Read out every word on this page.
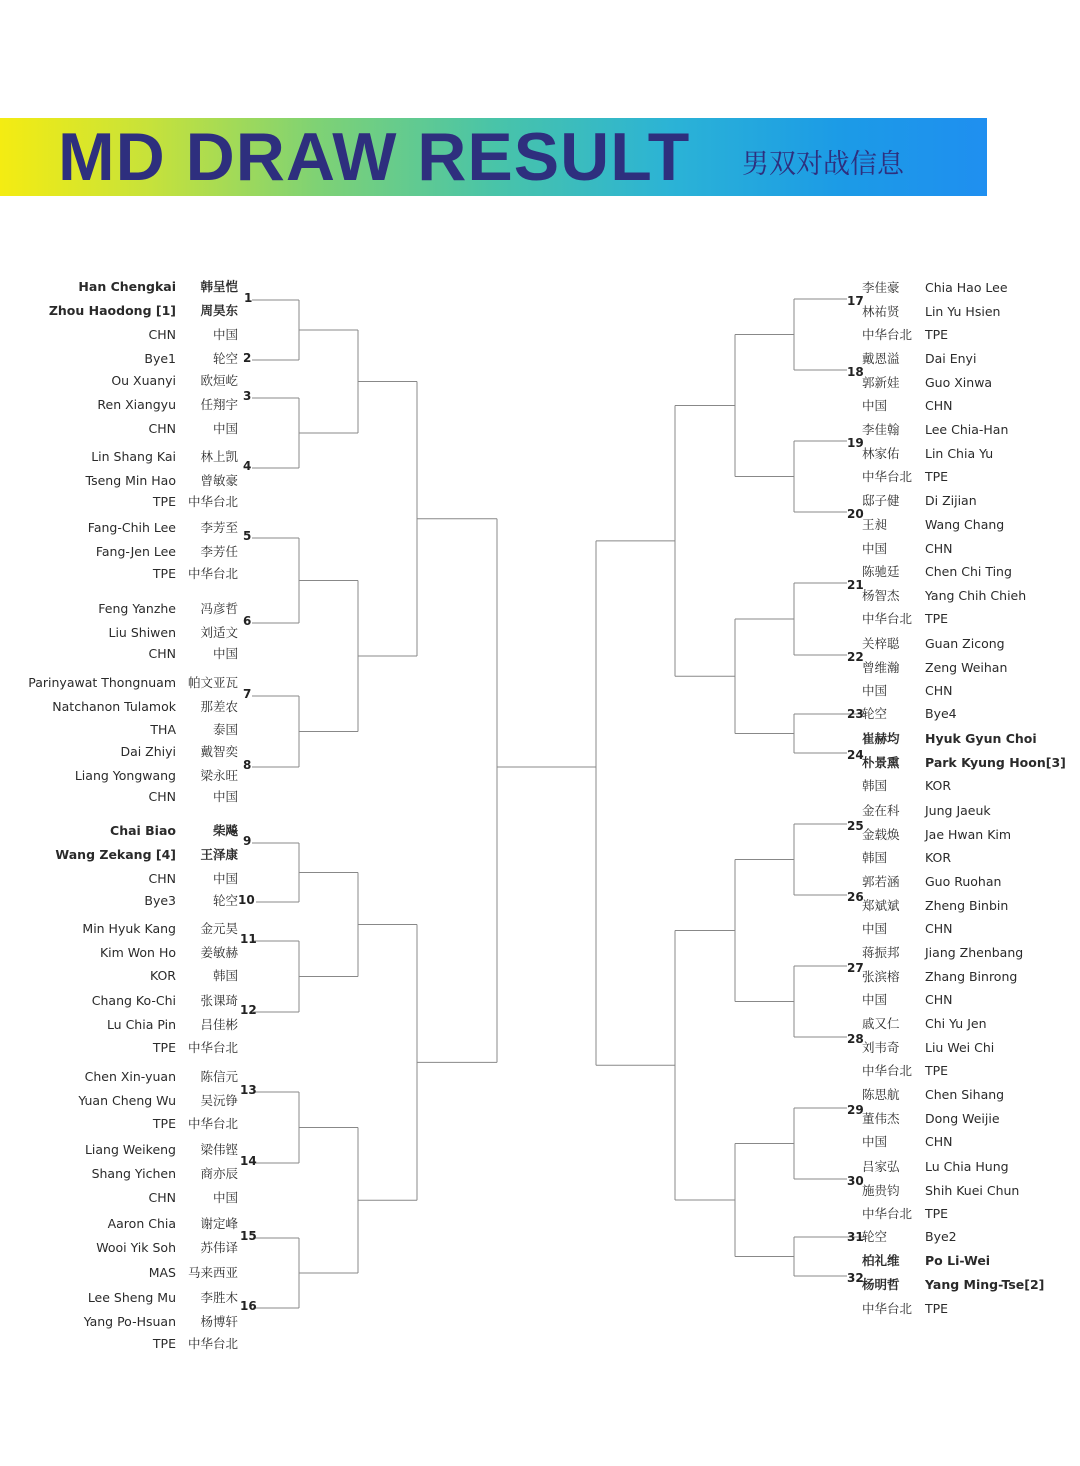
MD DRAW RESULT 男双对战信息
Han Chengkai	韩呈恺
Zhou Haodong [1]	周昊东
CHN	中国
Bye1	轮空
Ou Xuanyi	欧烜屹
Ren Xiangyu	任翔宇
CHN	中国
Lin Shang Kai	林上凯
Tseng Min Hao	曾敏豪
TPE 中华台北
Fang-Chih Lee	李芳至
Fang-Jen Lee	李芳任
TPE 中华台北
Feng Yanzhe	冯彦哲
Liu Shiwen	刘适文
CHN	中国
Parinyawat Thongnuam 帕文亚瓦
Natchanon Tulamok	那差农
THA	泰国
Dai Zhiyi	戴智奕
Liang Yongwang	梁永旺
CHN	中国
Chai Biao	柴飚
Wang Zekang [4]	王泽康
CHN	中国
Bye3	轮空
Min Hyuk Kang	金元昊
Kim Won Ho	姜敏赫
KOR	韩国
Chang Ko-Chi	张课琦
Lu Chia Pin	吕佳彬
TPE 中华台北
Chen Xin-yuan	陈信元
Yuan Cheng Wu	吴沅铮
TPE 中华台北
Liang Weikeng	梁伟铿
Shang Yichen	商亦辰
CHN	中国
Aaron Chia	谢定峰
Wooi Yik Soh	苏伟译
MAS 马来西亚
Lee Sheng Mu	李胜木
Yang Po-Hsuan	杨博轩
TPE 中华台北
李佳豪 Chia Hao Lee
林祐贤 Lin Yu Hsien
中华台北 TPE
戴恩溢 Dai Enyi
郭新娃 Guo Xinwa
中国	CHN
李佳翰 Lee Chia-Han
林家佑 Lin Chia Yu
中华台北 TPE
邸子健 Di Zijian
王昶	Wang Chang
中国	CHN
陈驰廷 Chen Chi Ting
杨智杰 Yang Chih Chieh
中华台北 TPE
关梓聪 Guan Zicong
曾维瀚 Zeng Weihan
中国	CHN
轮空	Bye4
崔赫均 Hyuk Gyun Choi
朴景熏 Park Kyung Hoon[3]
韩国	KOR
金在科 Jung Jaeuk
金载焕 Jae Hwan Kim
韩国	KOR
郭若涵 Guo Ruohan
郑斌斌 Zheng Binbin
中国	CHN
蒋振邦 Jiang Zhenbang
张滨榕 Zhang Binrong
中国	CHN
戚又仁 Chi Yu Jen
刘韦奇 Liu Wei Chi
中华台北 TPE
陈思航 Chen Sihang
董伟杰 Dong Weijie
中国	CHN
吕家弘 Lu Chia Hung
施贵钧 Shih Kuei Chun
中华台北 TPE
轮空	Bye2
柏礼维 Po Li-Wei
杨明哲 Yang Ming-Tse[2]
中华台北 TPE
1
2
3
4
5
6
7
8
9
10
11
12
13
14
15
16
17
18
19
20
21
22
23
24
25
26
27
28
29
30
31
32
